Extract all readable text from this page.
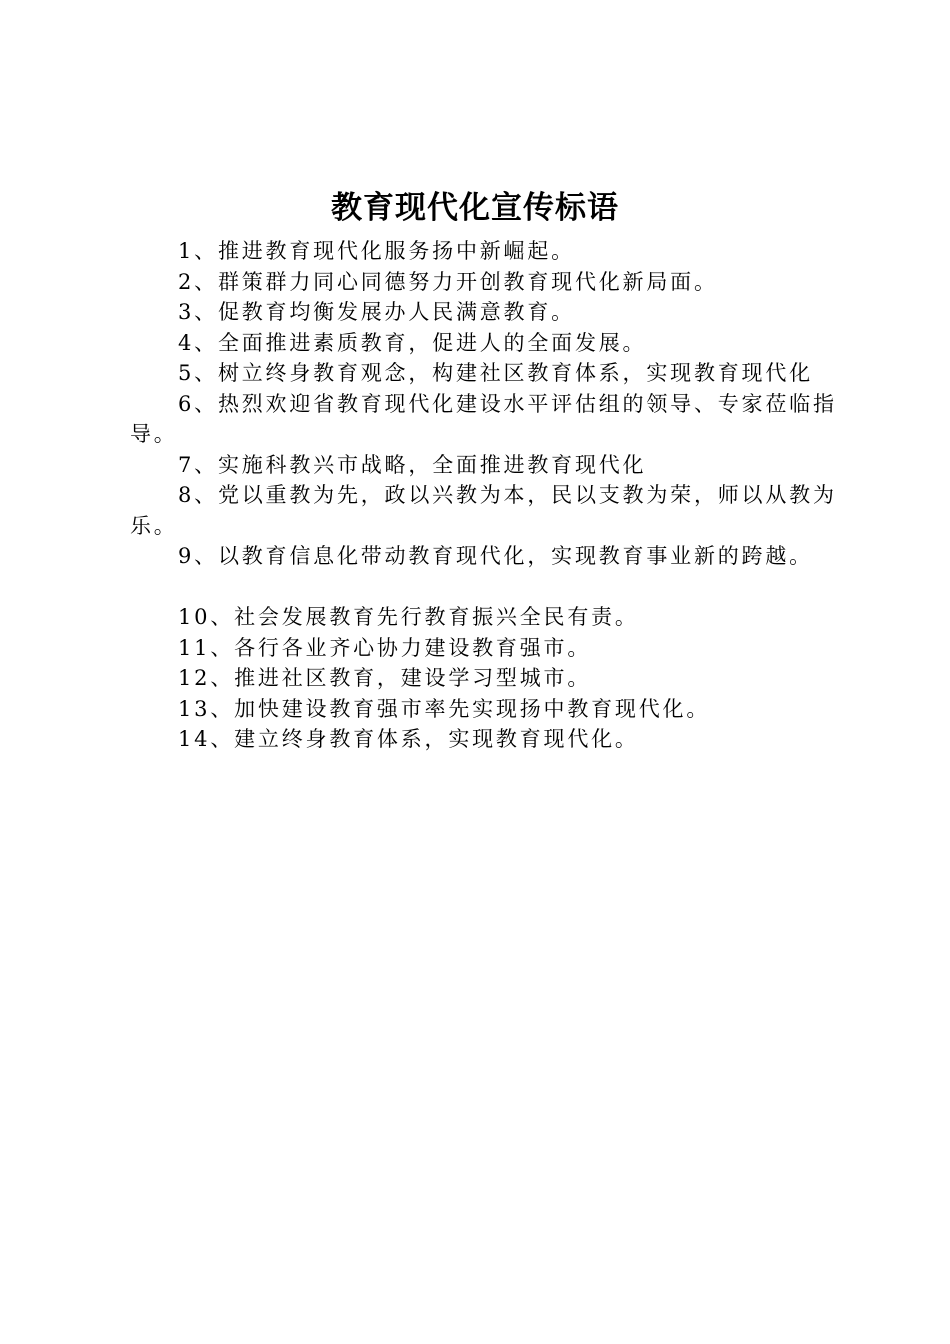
教育现代化宣传标语

1、推进教育现代化服务扬中新崛起。

2、群策群力同心同德努力开创教育现代化新局面。

3、促教育均衡发展办人民满意教育。

4、全面推进素质教育，促进人的全面发展。

5、树立终身教育观念，构建社区教育体系，实现教育现代化

6、热烈欢迎省教育现代化建设水平评估组的领导、专家莅临指导。

7、实施科教兴市战略，全面推进教育现代化

8、党以重教为先，政以兴教为本，民以支教为荣，师以从教为乐。

9、以教育信息化带动教育现代化，实现教育事业新的跨越。

10、社会发展教育先行教育振兴全民有责。

11、各行各业齐心协力建设教育强市。

12、推进社区教育，建设学习型城市。

13、加快建设教育强市率先实现扬中教育现代化。

14、建立终身教育体系，实现教育现代化。
